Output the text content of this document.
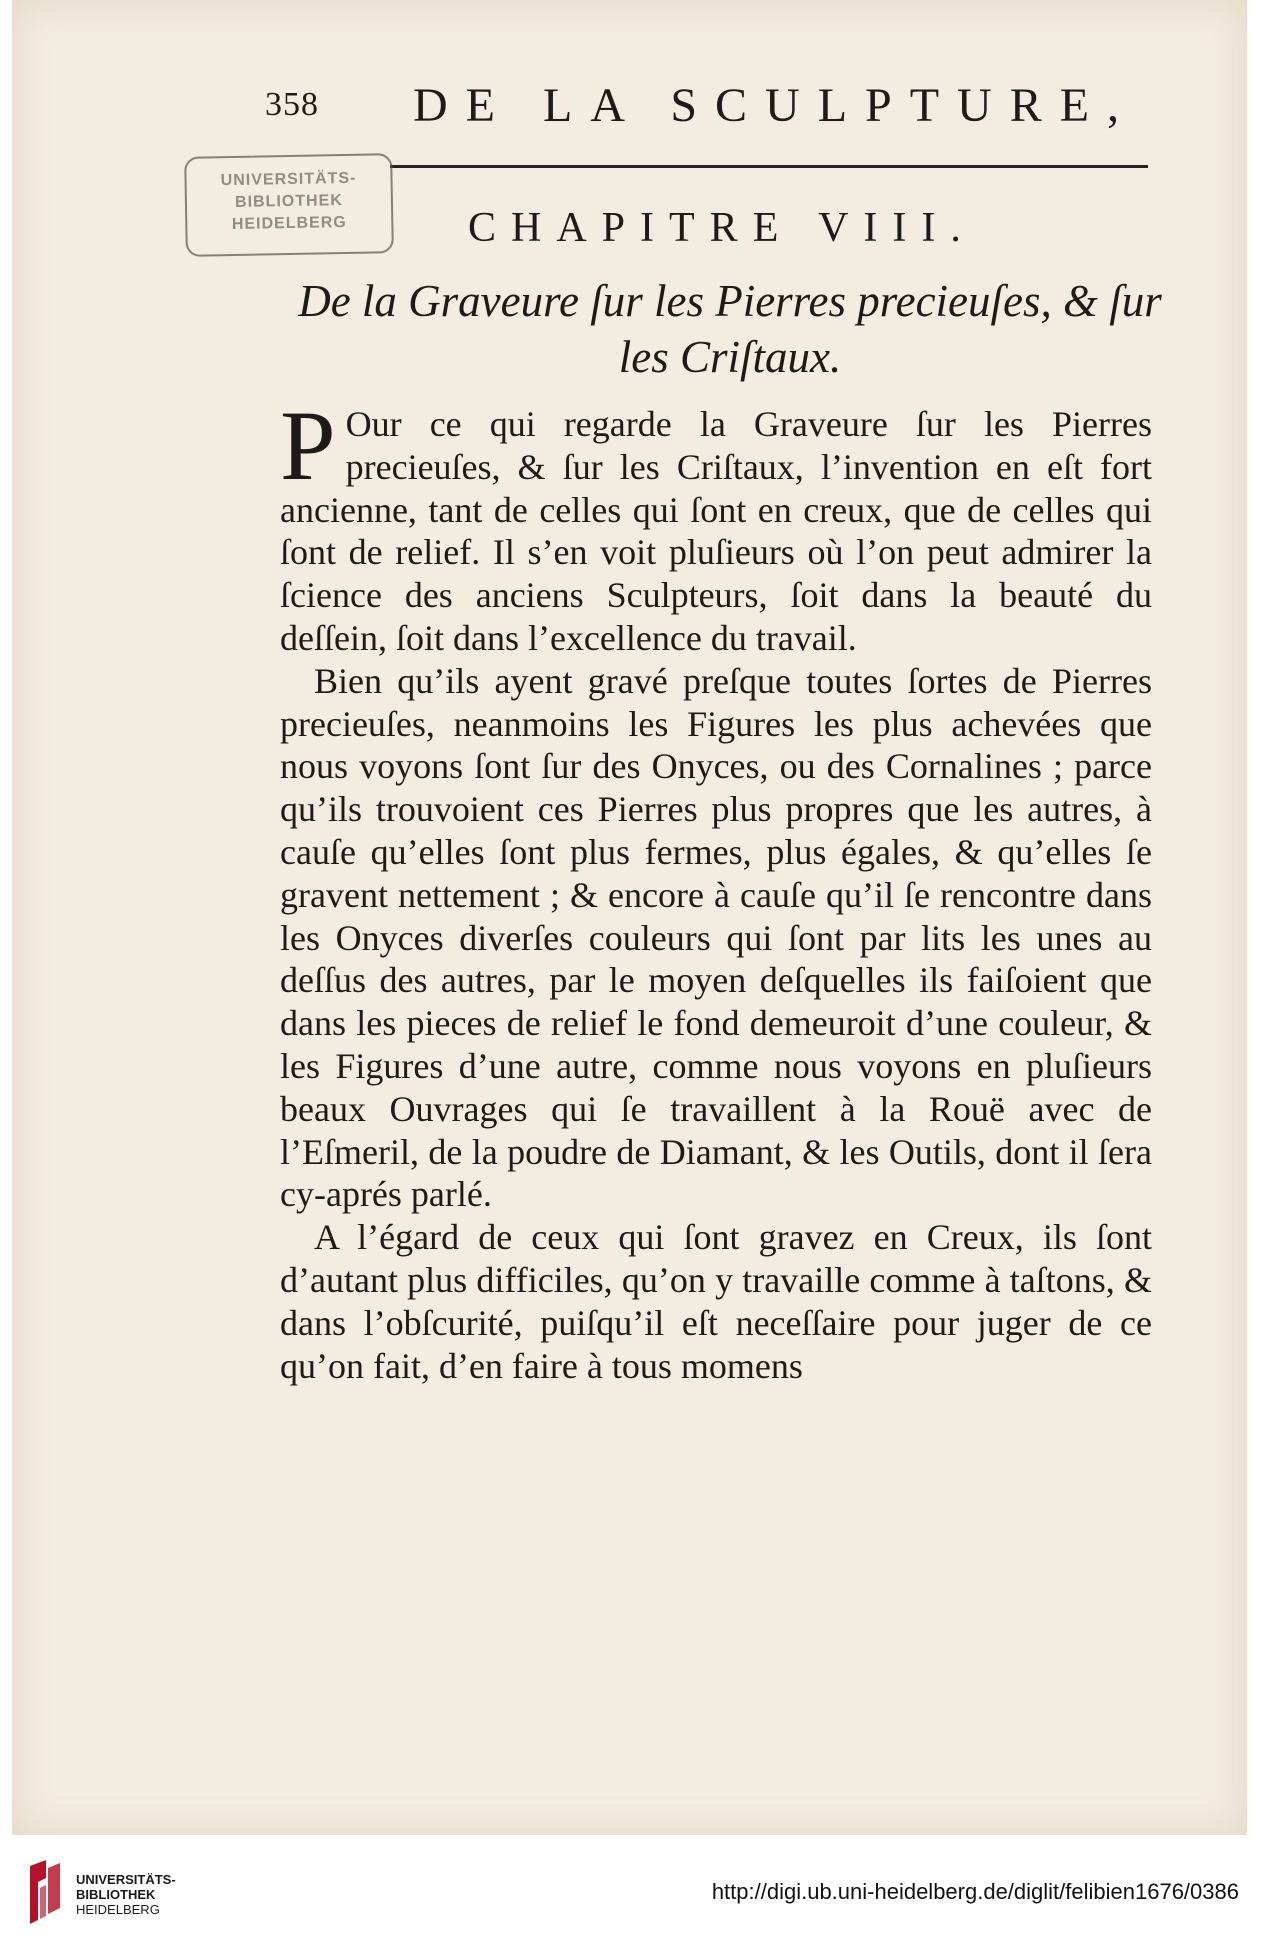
358 DE LA SCULPTURE,
UNIVERSITÄTS-
BIBLIOTHEK
HEIDELBERG	CHAPITRE VIII.
De la Graveure ſur les Pierres precieuſes, & ſur
les Criſtaux.

P Our ce qui regarde la Graveure ſur les Pierres precieuſes, & ſur les Criſtaux, l’invention en eſt fort ancienne, tant de celles qui ſont en creux, que de celles qui ſont de relief. Il s’en voit pluſieurs où l’on peut admirer la ſcience des anciens Sculpteurs, ſoit dans la beauté du deſſein, ſoit dans l’excellence du travail.

Bien qu’ils ayent gravé preſque toutes ſortes de Pierres precieuſes, neanmoins les Figures les plus achevées que nous voyons ſont ſur des Onyces, ou des Cornalines ; parce qu’ils trouvoient ces Pierres plus propres que les autres, à cauſe qu’elles ſont plus fermes, plus égales, & qu’elles ſe gravent nettement ; & encore à cauſe qu’il ſe rencontre dans les Onyces diverſes couleurs qui ſont par lits les unes au deſſus des autres, par le moyen deſquelles ils faiſoient que dans les pieces de relief le fond demeuroit d’une couleur, & les Figures d’une autre, comme nous voyons en pluſieurs beaux Ouvrages qui ſe travaillent à la Rouë avec de l’Eſmeril, de la poudre de Diamant, & les Outils, dont il ſera cy-aprés parlé.

A l’égard de ceux qui ſont gravez en Creux, ils ſont d’autant plus difficiles, qu’on y travaille comme à taſtons, & dans l’obſcurité, puiſqu’il eſt neceſſaire pour juger de ce qu’on fait, d’en faire à tous momens

UNIVERSITÄTS-
BIBLIOTHEK
HEIDELBERG
http://digi.ub.uni-heidelberg.de/diglit/felibien1676/0386
